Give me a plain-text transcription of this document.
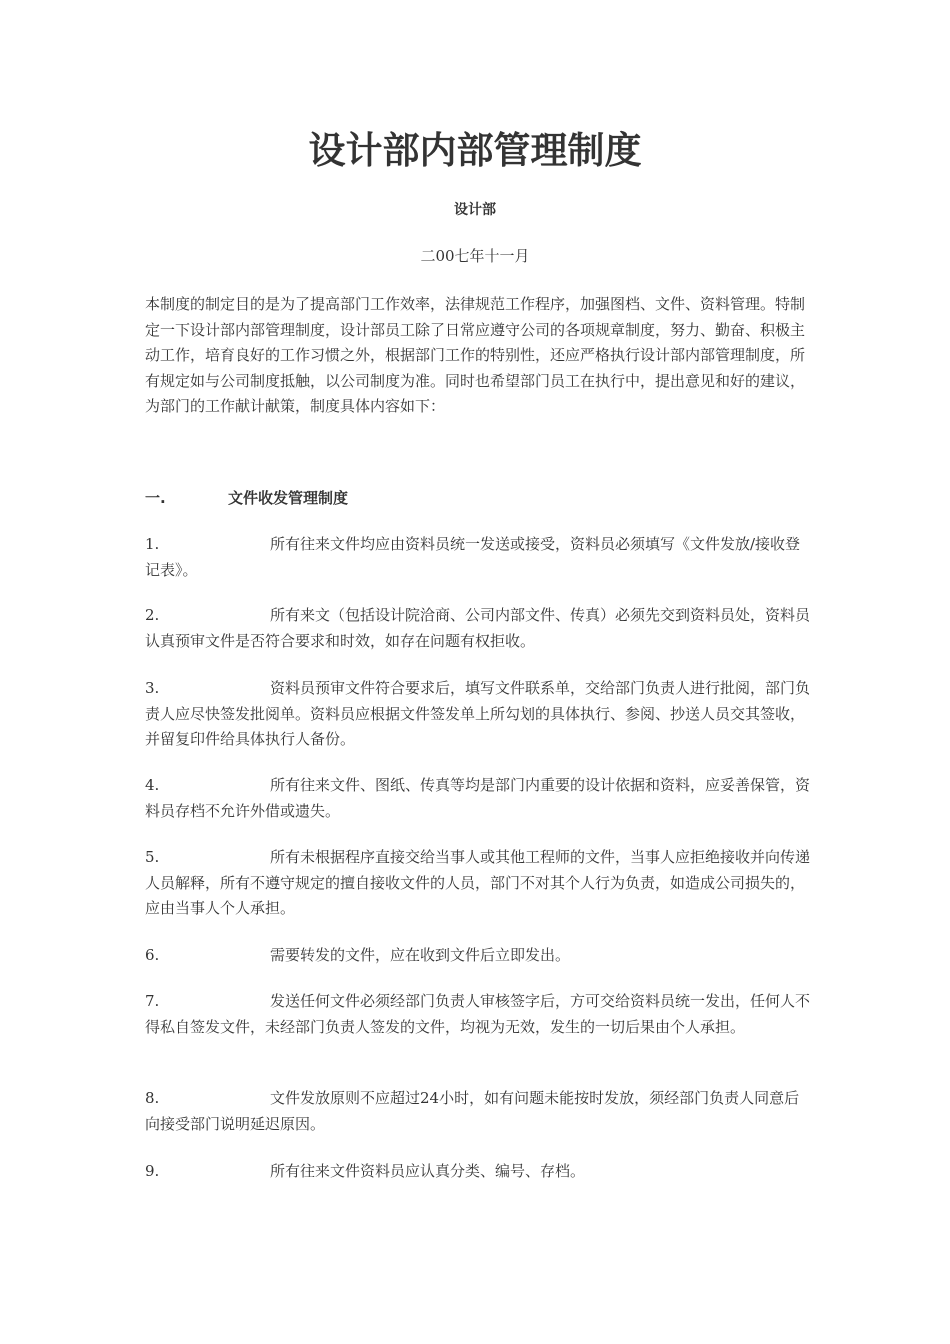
设计部内部管理制度
设计部
二00七年十一月

本制度的制定目的是为了提高部门工作效率，法律规范工作程序，加强图档、文件、资料管理。特制定一下设计部内部管理制度，设计部员工除了日常应遵守公司的各项规章制度，努力、勤奋、积极主动工作，培育良好的工作习惯之外，根据部门工作的特别性，还应严格执行设计部内部管理制度，所有规定如与公司制度抵触，以公司制度为准。同时也希望部门员工在执行中，提出意见和好的建议，为部门的工作献计献策，制度具体内容如下：

一.	文件收发管理制度
1.	所有往来文件均应由资料员统一发送或接受，资料员必须填写《文件发放/接收登记表》。
2.	所有来文（包括设计院洽商、公司内部文件、传真）必须先交到资料员处，资料员认真预审文件是否符合要求和时效，如存在问题有权拒收。
3.	资料员预审文件符合要求后，填写文件联系单，交给部门负责人进行批阅，部门负责人应尽快签发批阅单。资料员应根据文件签发单上所勾划的具体执行、参阅、抄送人员交其签收，并留复印件给具体执行人备份。
4.	所有往来文件、图纸、传真等均是部门内重要的设计依据和资料，应妥善保管，资料员存档不允许外借或遗失。
5.	所有未根据程序直接交给当事人或其他工程师的文件，当事人应拒绝接收并向传递人员解释，所有不遵守规定的擅自接收文件的人员，部门不对其个人行为负责，如造成公司损失的，应由当事人个人承担。
6.	需要转发的文件，应在收到文件后立即发出。
7.	发送任何文件必须经部门负责人审核签字后，方可交给资料员统一发出，任何人不得私自签发文件，未经部门负责人签发的文件，均视为无效，发生的一切后果由个人承担。
8.	文件发放原则不应超过24小时，如有问题未能按时发放，须经部门负责人同意后向接受部门说明延迟原因。
9.	所有往来文件资料员应认真分类、编号、存档。
